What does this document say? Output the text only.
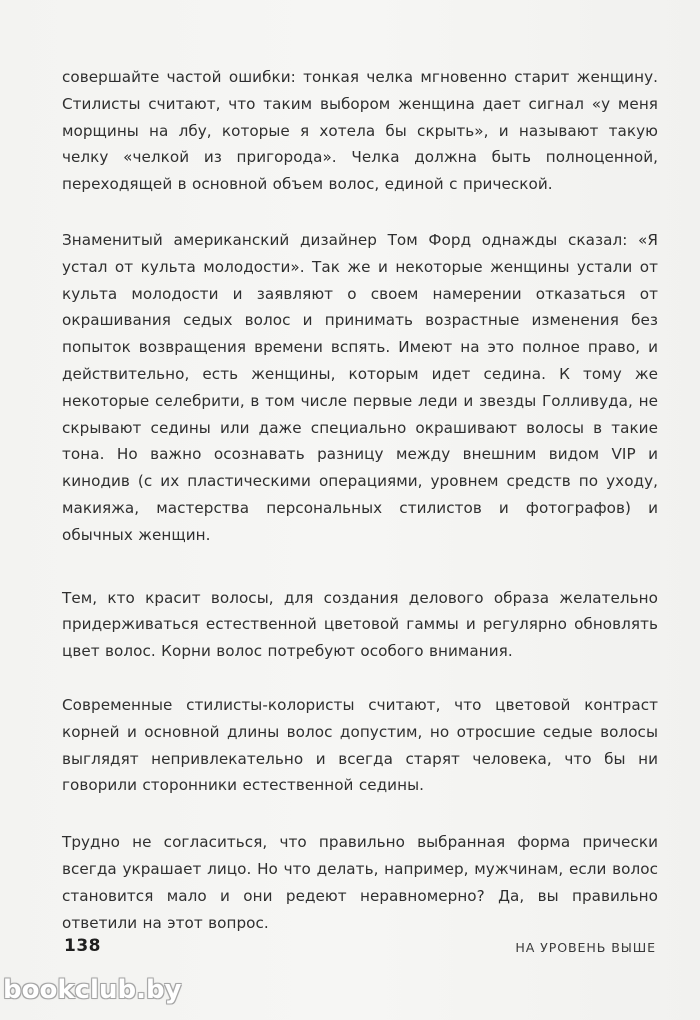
совершайте частой ошибки: тонкая челка мгновенно старит женщину. Стилисты считают, что таким выбором женщина дает сигнал «у меня морщины на лбу, которые я хотела бы скрыть», и называют такую челку «челкой из пригорода». Челка должна быть полноценной, переходящей в основной объем волос, единой с прической.

Знаменитый американский дизайнер Том Форд однажды сказал: «Я устал от культа молодости». Так же и некоторые женщины устали от культа молодости и заявляют о своем намерении отказаться от окрашивания седых волос и принимать возрастные изменения без попыток возвращения времени вспять. Имеют на это полное право, и действительно, есть женщины, которым идет седина. К тому же некоторые селебрити, в том числе первые леди и звезды Голливуда, не скрывают седины или даже специально окрашивают волосы в такие тона. Но важно осознавать разницу между внешним видом VIP и кинодив (с их пластическими операциями, уровнем средств по уходу, макияжа, мастерства персональных стилистов и фотографов) и обычных женщин.

Тем, кто красит волосы, для создания делового образа желательно придерживаться естественной цветовой гаммы и регулярно обновлять цвет волос. Корни волос потребуют особого внимания.

Современные стилисты-колористы считают, что цветовой контраст корней и основной длины волос допустим, но отросшие седые волосы выглядят непривлекательно и всегда старят человека, что бы ни говорили сторонники естественной седины.

Трудно не согласиться, что правильно выбранная форма прически всегда украшает лицо. Но что делать, например, мужчинам, если волос становится мало и они редеют неравномерно? Да, вы правильно ответили на этот вопрос.

138	НА УРОВЕНЬ ВЫШЕ
bookclub.by
